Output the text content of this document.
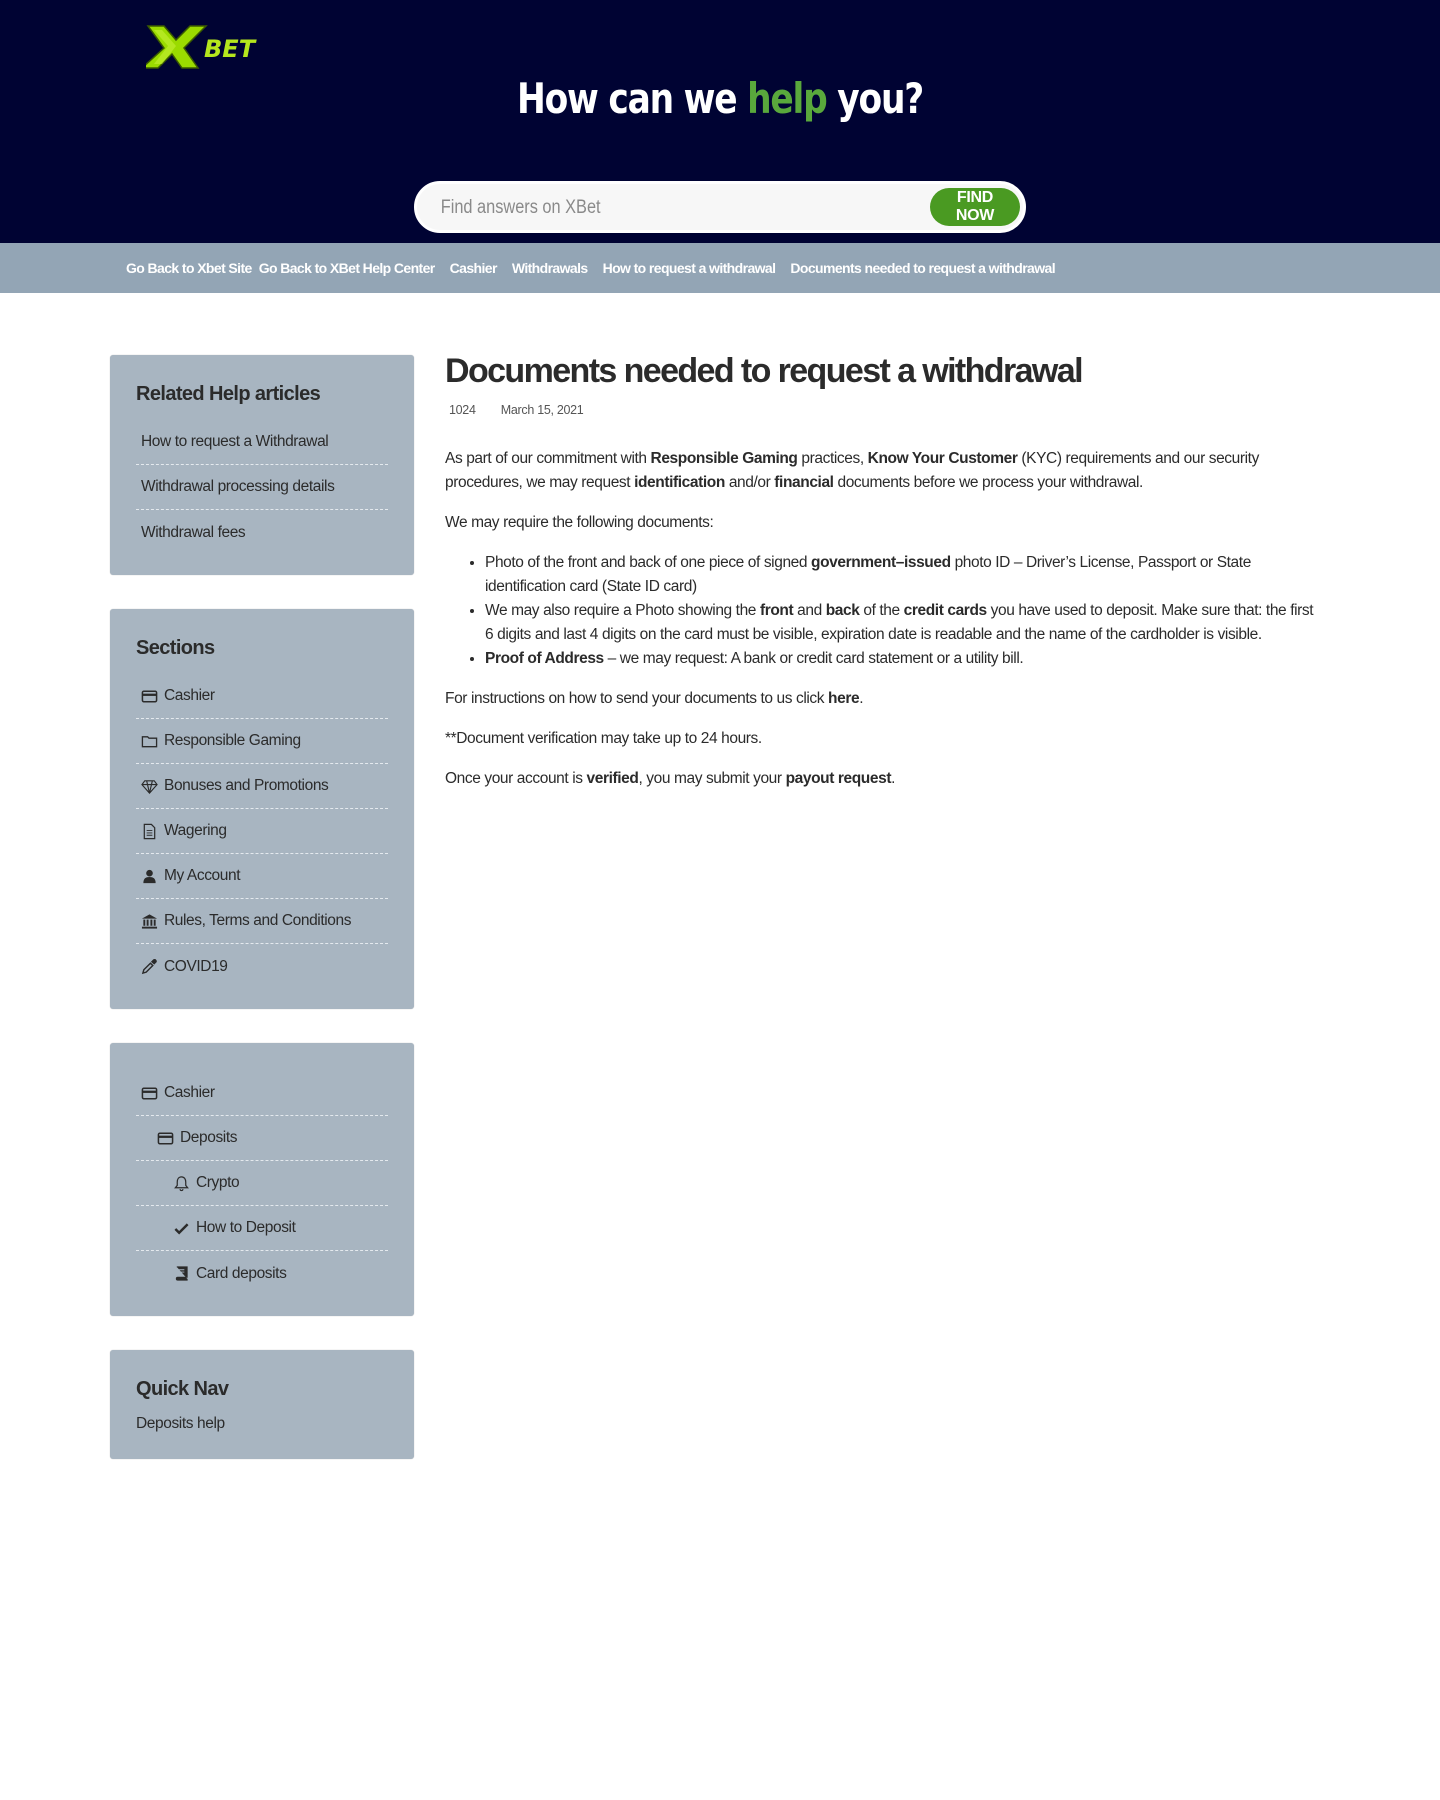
BET
How can we help you?
Find answers on XBet
FIND NOW
Go Back to Xbet Site Go Back to XBet Help Center Cashier Withdrawals How to request a withdrawal Documents needed to request a withdrawal
Related Help articles
How to request a Withdrawal
Withdrawal processing details
Withdrawal fees
Sections
Cashier
Responsible Gaming
Bonuses and Promotions
Wagering
My Account
Rules, Terms and Conditions
COVID19
Cashier
Deposits
Crypto
How to Deposit
Card deposits
Quick Nav

Deposits help

Documents needed to request a withdrawal
1024 March 15, 2021

As part of our commitment with Responsible Gaming practices, Know Your Customer (KYC) requirements and our security procedures, we may request identification and/or financial documents before we process your withdrawal.

We may require the following documents:

• Photo of the front and back of one piece of signed government–issued photo ID – Driver’s License, Passport or State identification card (State ID card)
• We may also require a Photo showing the front and back of the credit cards you have used to deposit. Make sure that: the first 6 digits and last 4 digits on the card must be visible, expiration date is readable and the name of the cardholder is visible.
• Proof of Address – we may request: A bank or credit card statement or a utility bill.

For instructions on how to send your documents to us click here.

**Document verification may take up to 24 hours.

Once your account is verified, you may submit your payout request.
